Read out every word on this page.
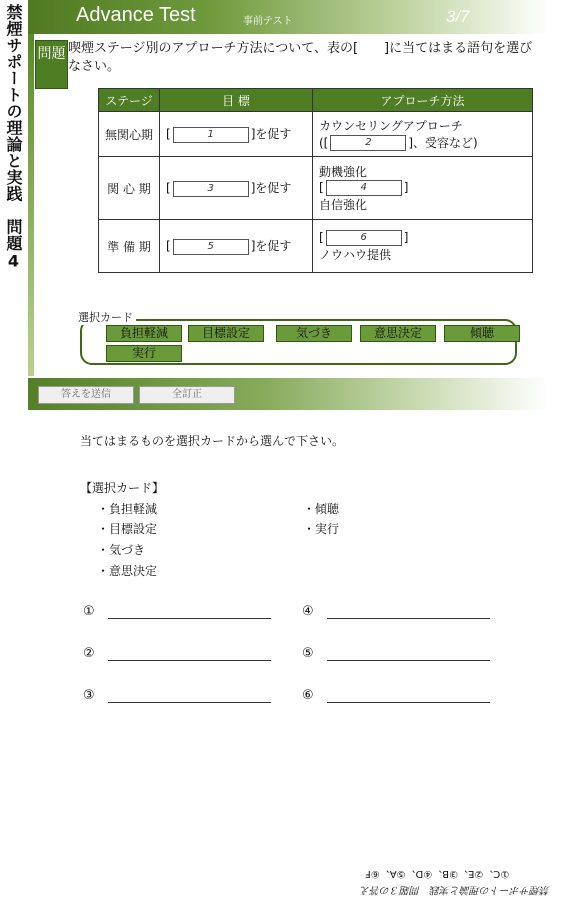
禁煙サポートの理論と実践　問題4	Advance Test	事前テスト	3/7
問題 喫煙ステージ別のアプローチ方法について、表の[　　]に当てはまる語句を選びなさい。
ステージ	目 標	アプローチ方法
無関心期	[ 1 ]を促す	カウンセリングアプローチ
([ 2 ]、受容など)

関 心 期	[ 3 ]を促す	動機強化
[ 4 ]
自信強化

準 備 期	[ 5 ]を促す	[ 6 ]
ノウハウ提供
選択カード
負担軽減	目標設定	気づき	意思決定	傾聴
実行
答えを送信	全訂正
当てはまるものを選択カードから選んで下さい。
【選択カード】
・負担軽減
・目標設定
・気づき
・意思決定
・傾聴
・実行
①
②
③
④
⑤
⑥
①C、②E、③B、④D、⑤A、⑥F
禁煙サポートの理論と実践　問題３の答え
